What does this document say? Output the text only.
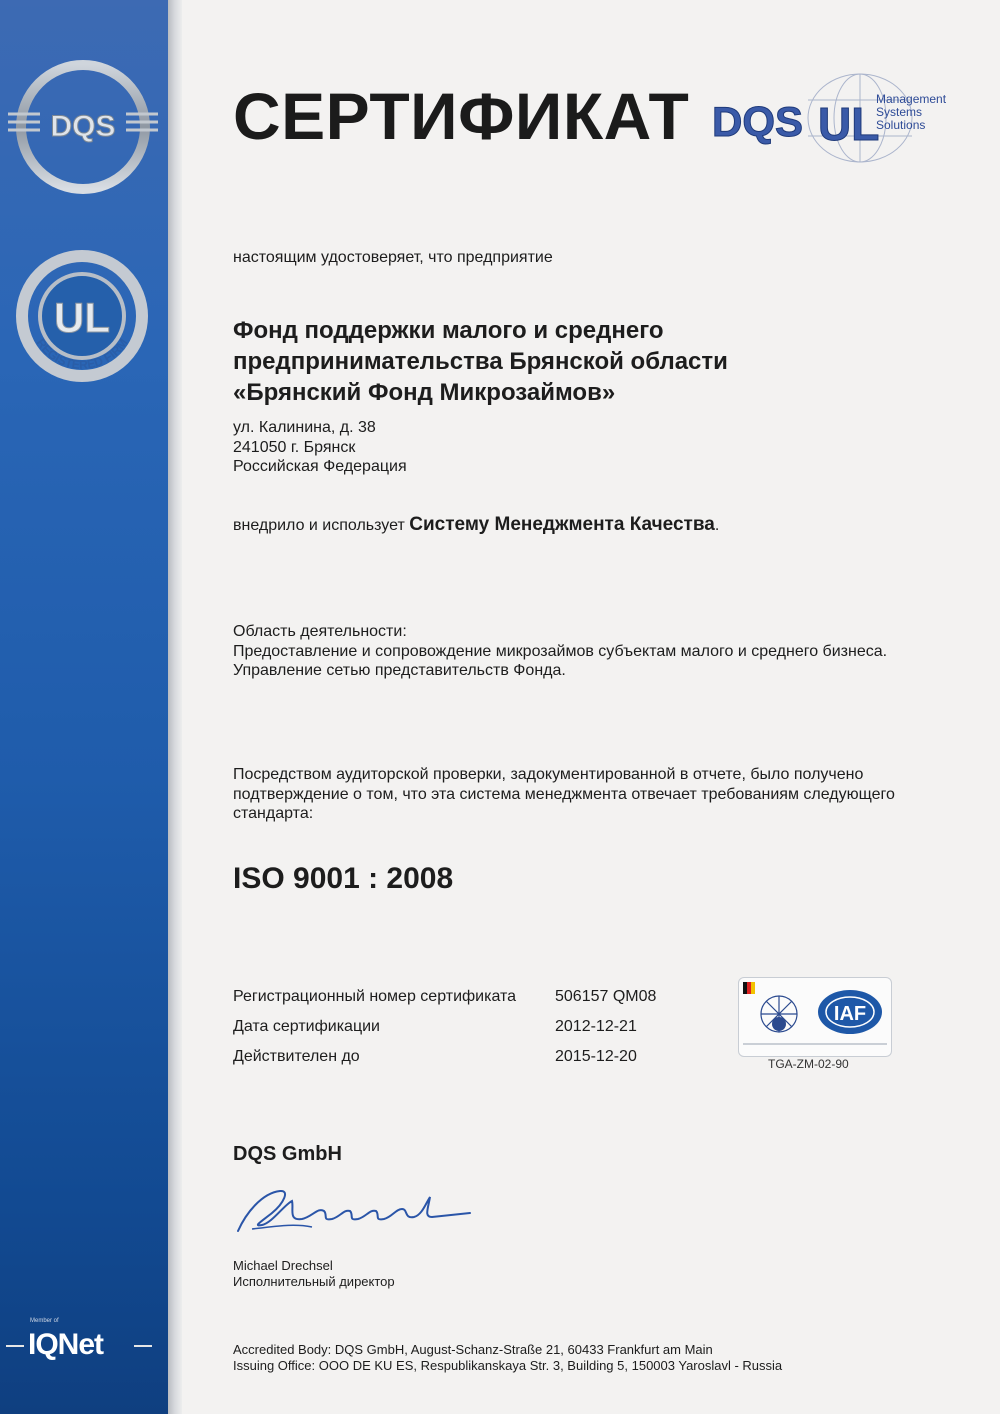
DQS
UL
REGISTERED FIRM
Member of
IQNet
СЕРТИФИКАТ DQS UL
Management
Systems
Solutions

настоящим удостоверяет, что предприятие

Фонд поддержки малого и среднего
предпринимательства Брянской области
«Брянский Фонд Микрозаймов»
ул. Калинина, д. 38
241050 г. Брянск
Российская Федерация

внедрило и использует Систему Менеджмента Качества.

Область деятельности:
Предоставление и сопровождение микрозаймов субъектам малого и среднего бизнеса.
Управление сетью представительств Фонда.
Посредством аудиторской проверки, задокументированной в отчете, было получено
подтверждение о том, что эта система менеджмента отвечает требованиям следующего
стандарта:
ISO 9001 : 2008
Регистрационный номер сертификата 506157 QM08
Дата сертификации	2012-12-21
Действителен до	2015-12-20
IAF
TGA-ZM-02-90
DQS GmbH
Michael Drechsel
Исполнительный директор
Accredited Body: DQS GmbH, August-Schanz-Straße 21, 60433 Frankfurt am Main
Issuing Office: OOO DE KU ES, Respublikanskaya Str. 3, Building 5, 150003 Yaroslavl - Russia
